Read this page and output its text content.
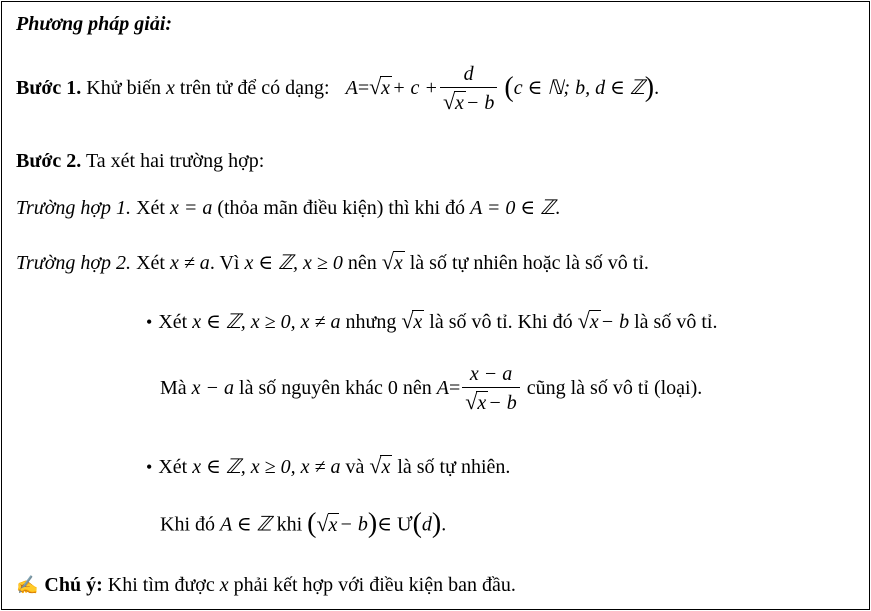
Phương pháp giải:
Bước 1. Khử biến x trên tử để có dạng: A= √ $x + c + \frac{d}{√ x - b} (c$ ∈ ℕ; b, d ∈ ℤ).
Bước 2. Ta xét hai trường hợp:
Trường hợp 1. Xét x = a (thỏa mãn điều kiện) thì khi đó A = 0 ∈ ℤ.
Trường hợp 2. Xét x ≠ a. Vì x ∈ ℤ, x ≥ 0 nên √ x là số tự nhiên hoặc là số vô tỉ.
• Xét x ∈ ℤ, x ≥ 0, x ≠ a nhưng √ x là số vô tỉ. Khi đó √ x − b là số vô tỉ.
Mà x − a là số nguyên khác 0 nên $A= \frac{x - a}{√ x - b}$ cũng là số vô tỉ (loại).
• Xét x ∈ ℤ, x ≥ 0, x ≠ a và √ x là số tự nhiên.
Khi đó A ∈ ℤ khi ( √ x − b)∈ Ư(d).
✍ Chú ý: Khi tìm được x phải kết hợp với điều kiện ban đầu.
